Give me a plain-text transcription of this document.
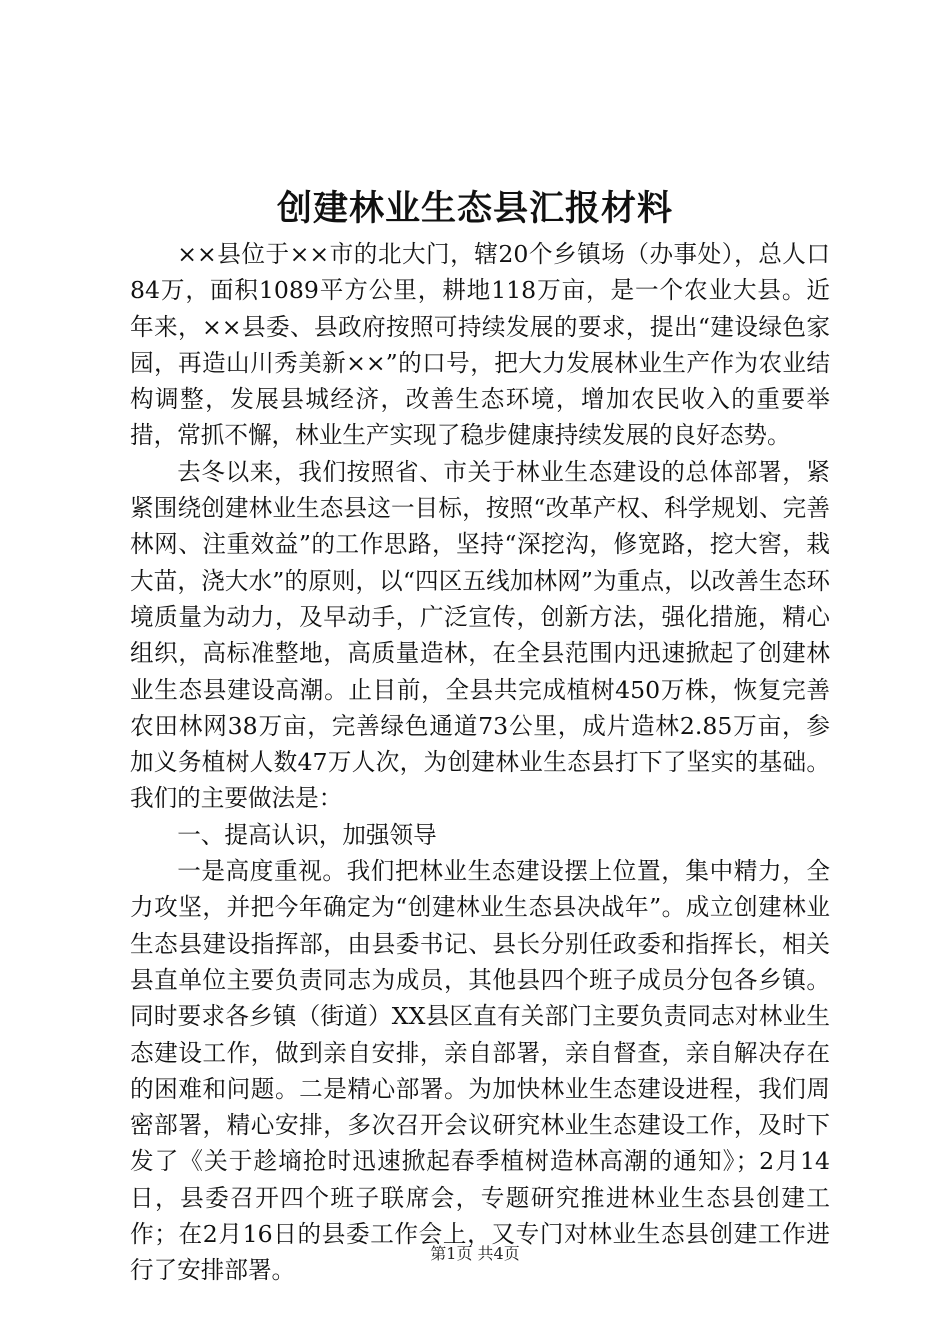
创建林业生态县汇报材料

××县位于××市的北大门，辖20个乡镇场（办事处），总人口84万，面积1089平方公里，耕地118万亩，是一个农业大县。近年来，××县委、县政府按照可持续发展的要求，提出“建设绿色家园，再造山川秀美新××”的口号，把大力发展林业生产作为农业结构调整，发展县城经济，改善生态环境，增加农民收入的重要举措，常抓不懈，林业生产实现了稳步健康持续发展的良好态势。

去冬以来，我们按照省、市关于林业生态建设的总体部署，紧紧围绕创建林业生态县这一目标，按照“改革产权、科学规划、完善林网、注重效益”的工作思路，坚持“深挖沟，修宽路，挖大窖，栽大苗，浇大水”的原则，以“四区五线加林网”为重点，以改善生态环境质量为动力，及早动手，广泛宣传，创新方法，强化措施，精心组织，高标准整地，高质量造林，在全县范围内迅速掀起了创建林业生态县建设高潮。止目前，全县共完成植树450万株，恢复完善农田林网38万亩，完善绿色通道73公里，成片造林2.85万亩，参加义务植树人数47万人次，为创建林业生态县打下了坚实的基础。我们的主要做法是：

一、提高认识，加强领导

一是高度重视。我们把林业生态建设摆上位置，集中精力，全力攻坚，并把今年确定为“创建林业生态县决战年”。成立创建林业生态县建设指挥部，由县委书记、县长分别任政委和指挥长，相关县直单位主要负责同志为成员，其他县四个班子成员分包各乡镇。同时要求各乡镇（街道）XX县区直有关部门主要负责同志对林业生态建设工作，做到亲自安排，亲自部署，亲自督查，亲自解决存在的困难和问题。二是精心部署。为加快林业生态建设进程，我们周密部署，精心安排，多次召开会议研究林业生态建设工作，及时下发了《关于趁墒抢时迅速掀起春季植树造林高潮的通知》；2月14日，县委召开四个班子联席会，专题研究推进林业生态县创建工作；在2月16日的县委工作会上，又专门对林业生态县创建工作进行了安排部署。

第1页 共4页
